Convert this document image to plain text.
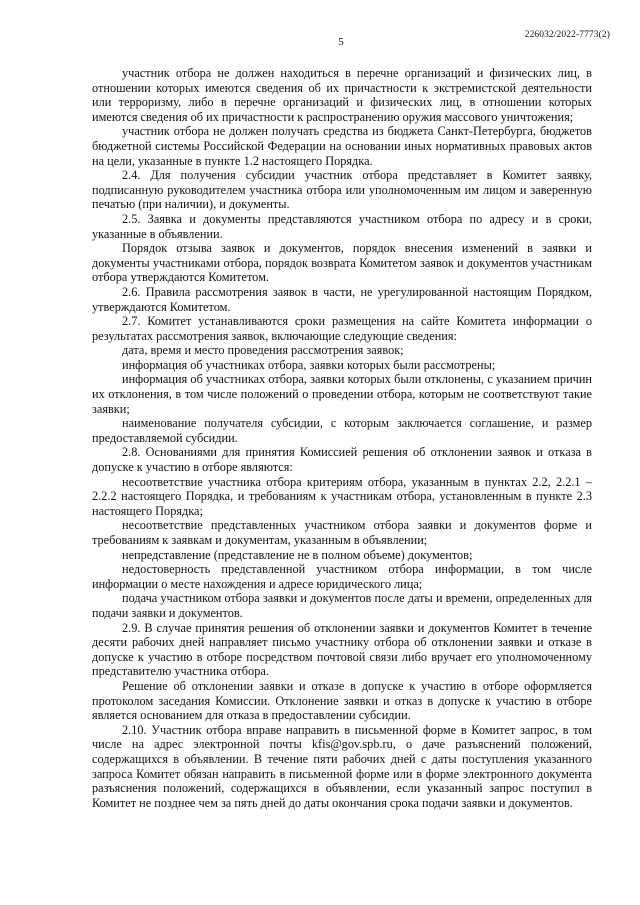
5
226032/2022-7773(2)

участник отбора не должен находиться в перечне организаций и физических лиц, в отношении которых имеются сведения об их причастности к экстремистской деятельности или терроризму, либо в перечне организаций и физических лиц, в отношении которых имеются сведения об их причастности к распространению оружия массового уничтожения;

участник отбора не должен получать средства из бюджета Санкт-Петербурга, бюджетов бюджетной системы Российской Федерации на основании иных нормативных правовых актов на цели, указанные в пункте 1.2 настоящего Порядка.

2.4. Для получения субсидии участник отбора представляет в Комитет заявку, подписанную руководителем участника отбора или уполномоченным им лицом и заверенную печатью (при наличии), и документы.

2.5. Заявка и документы представляются участником отбора по адресу и в сроки, указанные в объявлении.

Порядок отзыва заявок и документов, порядок внесения изменений в заявки и документы участниками отбора, порядок возврата Комитетом заявок и документов участникам отбора утверждаются Комитетом.

2.6. Правила рассмотрения заявок в части, не урегулированной настоящим Порядком, утверждаются Комитетом.

2.7. Комитет устанавливаются сроки размещения на сайте Комитета информации о результатах рассмотрения заявок, включающие следующие сведения:

дата, время и место проведения рассмотрения заявок;

информация об участниках отбора, заявки которых были рассмотрены;

информация об участниках отбора, заявки которых были отклонены, с указанием причин их отклонения, в том числе положений о проведении отбора, которым не соответствуют такие заявки;

наименование получателя субсидии, с которым заключается соглашение, и размер предоставляемой субсидии.

2.8. Основаниями для принятия Комиссией решения об отклонении заявок и отказа в допуске к участию в отборе являются:

несоответствие участника отбора критериям отбора, указанным в пунктах 2.2, 2.2.1 – 2.2.2 настоящего Порядка, и требованиям к участникам отбора, установленным в пункте 2.3 настоящего Порядка;

несоответствие представленных участником отбора заявки и документов форме и требованиям к заявкам и документам, указанным в объявлении;

непредставление (представление не в полном объеме) документов;

недостоверность представленной участником отбора информации, в том числе информации о месте нахождения и адресе юридического лица;

подача участником отбора заявки и документов после даты и времени, определенных для подачи заявки и документов.

2.9. В случае принятия решения об отклонении заявки и документов Комитет в течение десяти рабочих дней направляет письмо участнику отбора об отклонении заявки и отказе в допуске к участию в отборе посредством почтовой связи либо вручает его уполномоченному представителю участника отбора.

Решение об отклонении заявки и отказе в допуске к участию в отборе оформляется протоколом заседания Комиссии. Отклонение заявки и отказ в допуске к участию в отборе является основанием для отказа в предоставлении субсидии.

2.10. Участник отбора вправе направить в письменной форме в Комитет запрос, в том числе на адрес электронной почты kfis@gov.spb.ru, о даче разъяснений положений, содержащихся в объявлении. В течение пяти рабочих дней с даты поступления указанного запроса Комитет обязан направить в письменной форме или в форме электронного документа разъяснения положений, содержащихся в объявлении, если указанный запрос поступил в Комитет не позднее чем за пять дней до даты окончания срока подачи заявки и документов.
